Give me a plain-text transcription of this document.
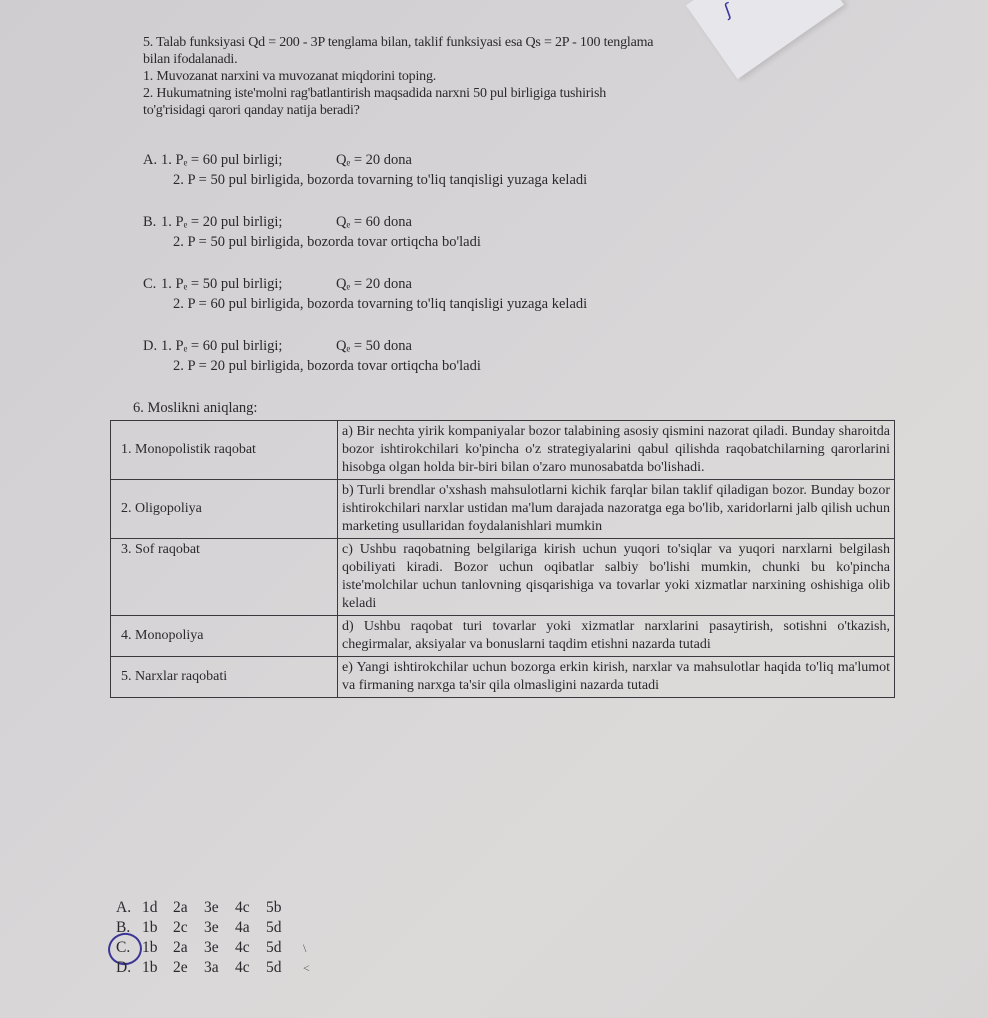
ʃ

5. Talab funksiyasi Qd = 200 - 3P tenglama bilan, taklif funksiyasi esa Qs = 2P - 100 tenglama

bilan ifodalanadi.

1. Muvozanat narxini va muvozanat miqdorini toping.

2. Hukumatning iste'molni rag'batlantirish maqsadida narxni 50 pul birligiga tushirish

to'g'risidagi qarori qanday natija beradi?

A. 1. Pₑ = 60 pul birligi;	Qₑ = 20 dona
2. P = 50 pul birligida, bozorda tovarning to'liq tanqisligi yuzaga keladi
B. 1. Pₑ = 20 pul birligi;	Qₑ = 60 dona
2. P = 50 pul birligida, bozorda tovar ortiqcha bo'ladi
C. 1. Pₑ = 50 pul birligi;	Qₑ = 20 dona
2. P = 60 pul birligida, bozorda tovarning to'liq tanqisligi yuzaga keladi
D. 1. Pₑ = 60 pul birligi;	Qₑ = 50 dona
2. P = 20 pul birligida, bozorda tovar ortiqcha bo'ladi
6. Moslikni aniqlang:
1. Monopolistik raqobat	a) Bir nechta yirik kompaniyalar bozor talabining asosiy qismini nazorat qiladi. Bunday sharoitda bozor ishtirokchilari ko'pincha o'z strategiyalarini qabul qilishda raqobatchilarning qarorlarini hisobga olgan holda bir-biri bilan o'zaro munosabatda bo'lishadi.
2. Oligopoliya	b) Turli brendlar o'xshash mahsulotlarni kichik farqlar bilan taklif qiladigan bozor. Bunday bozor ishtirokchilari narxlar ustidan ma'lum darajada nazoratga ega bo'lib, xaridorlarni jalb qilish uchun marketing usullaridan foydalanishlari mumkin
3. Sof raqobat	c) Ushbu raqobatning belgilariga kirish uchun yuqori to'siqlar va yuqori narxlarni belgilash qobiliyati kiradi. Bozor uchun oqibatlar salbiy bo'lishi mumkin, chunki bu ko'pincha iste'molchilar uchun tanlovning qisqarishiga va tovarlar yoki xizmatlar narxining oshishiga olib keladi
4. Monopoliya	d) Ushbu raqobat turi tovarlar yoki xizmatlar narxlarini pasaytirish, sotishni o'tkazish, chegirmalar, aksiyalar va bonuslarni taqdim etishni nazarda tutadi
5. Narxlar raqobati	e) Yangi ishtirokchilar uchun bozorga erkin kirish, narxlar va mahsulotlar haqida to'liq ma'lumot va firmaning narxga ta'sir qila olmasligini nazarda tutadi
A. 1d	2a	3e	4c	5b
B. 1b	2c	3e	4a	5d
C. 1b	2a	3e	4c	5d	\
D. 1b	2e	3a	4c	5d	<
